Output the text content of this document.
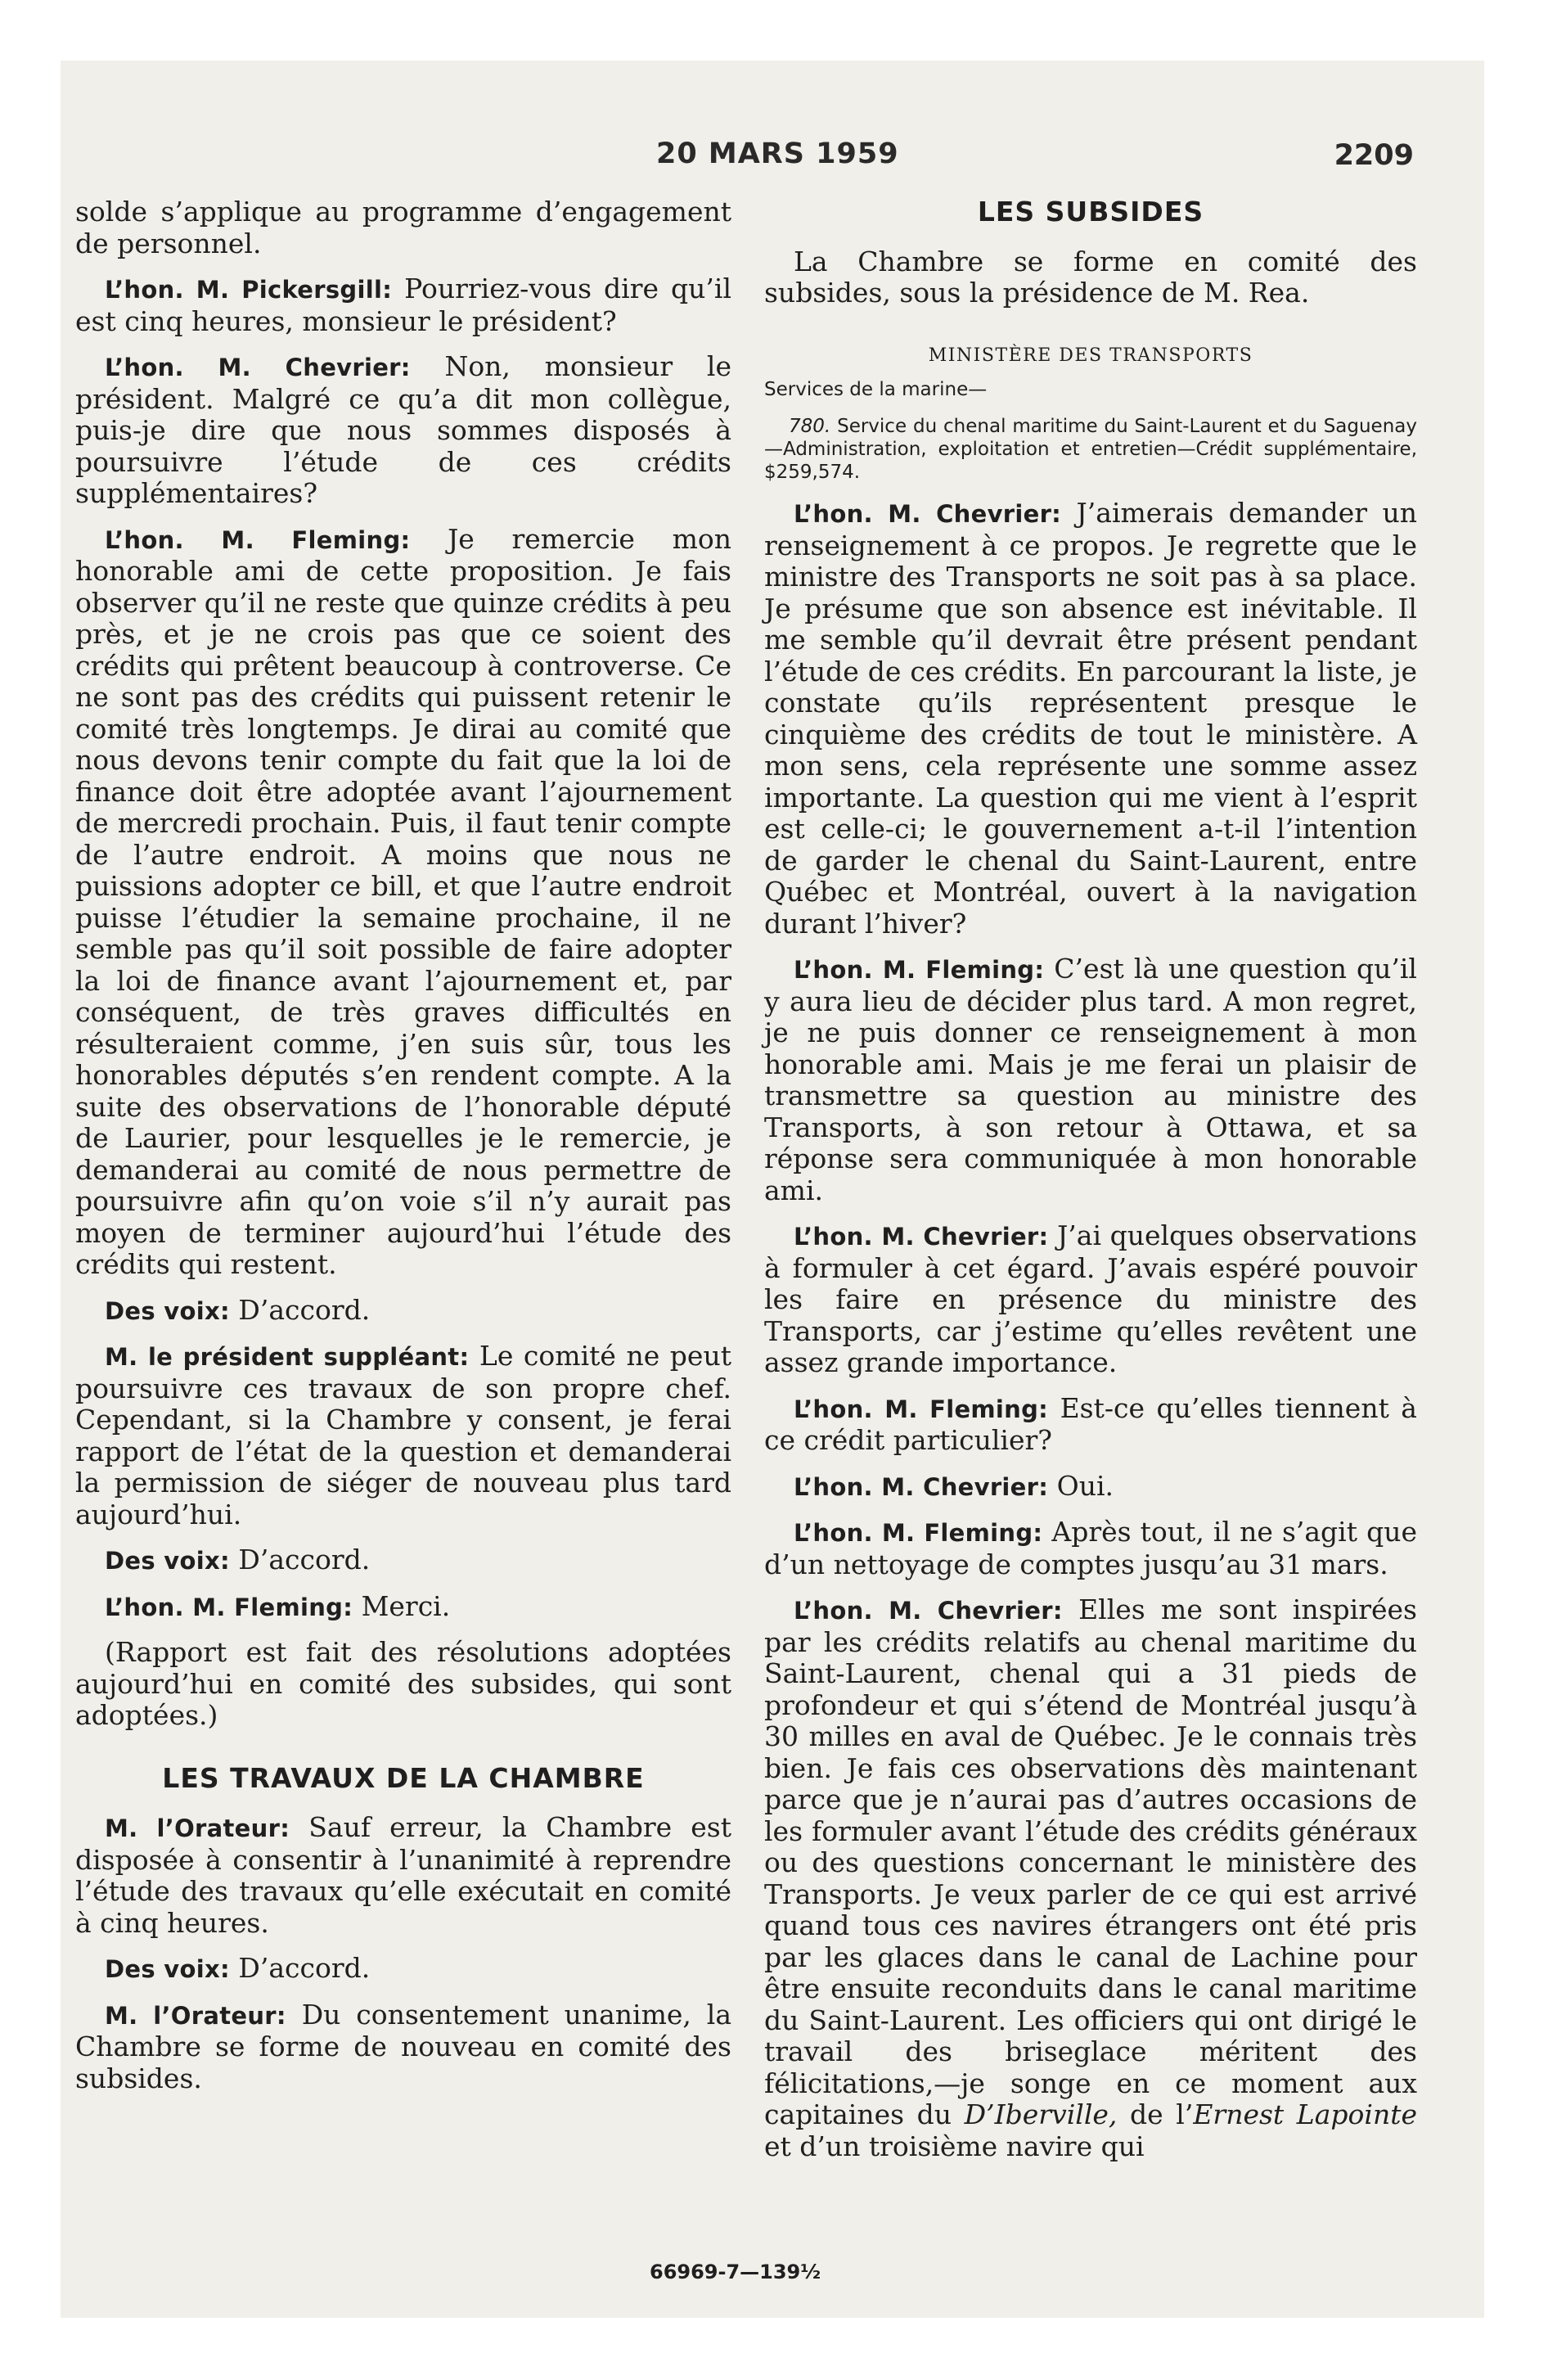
20 MARS 1959	2209

solde s’applique au programme d’engagement de personnel.

L’hon. M. Pickersgill: Pourriez-vous dire qu’il est cinq heures, monsieur le président?

L’hon. M. Chevrier: Non, monsieur le président. Malgré ce qu’a dit mon collègue, puis-je dire que nous sommes disposés à poursuivre l’étude de ces crédits supplémentaires?

L’hon. M. Fleming: Je remercie mon honorable ami de cette proposition. Je fais observer qu’il ne reste que quinze crédits à peu près, et je ne crois pas que ce soient des crédits qui prêtent beaucoup à controverse. Ce ne sont pas des crédits qui puissent retenir le comité très longtemps. Je dirai au comité que nous devons tenir compte du fait que la loi de finance doit être adoptée avant l’ajournement de mercredi prochain. Puis, il faut tenir compte de l’autre endroit. A moins que nous ne puissions adopter ce bill, et que l’autre endroit puisse l’étudier la semaine prochaine, il ne semble pas qu’il soit possible de faire adopter la loi de finance avant l’ajournement et, par conséquent, de très graves difficultés en résulteraient comme, j’en suis sûr, tous les honorables députés s’en rendent compte. A la suite des observations de l’honorable député de Laurier, pour lesquelles je le remercie, je demanderai au comité de nous permettre de poursuivre afin qu’on voie s’il n’y aurait pas moyen de terminer aujourd’hui l’étude des crédits qui restent.

Des voix: D’accord.

M. le président suppléant: Le comité ne peut poursuivre ces travaux de son propre chef. Cependant, si la Chambre y consent, je ferai rapport de l’état de la question et demanderai la permission de siéger de nouveau plus tard aujourd’hui.

Des voix: D’accord.

L’hon. M. Fleming: Merci.

(Rapport est fait des résolutions adoptées aujourd’hui en comité des subsides, qui sont adoptées.)

LES TRAVAUX DE LA CHAMBRE

M. l’Orateur: Sauf erreur, la Chambre est disposée à consentir à l’unanimité à reprendre l’étude des travaux qu’elle exécutait en comité à cinq heures.

Des voix: D’accord.

M. l’Orateur: Du consentement unanime, la Chambre se forme de nouveau en comité des subsides.

LES SUBSIDES

La Chambre se forme en comité des subsides, sous la présidence de M. Rea.

MINISTÈRE DES TRANSPORTS

Services de la marine—

780. Service du chenal maritime du Saint-Laurent et du Saguenay—Administration, exploitation et entretien—Crédit supplémentaire, $259,574.

L’hon. M. Chevrier: J’aimerais demander un renseignement à ce propos. Je regrette que le ministre des Transports ne soit pas à sa place. Je présume que son absence est inévitable. Il me semble qu’il devrait être présent pendant l’étude de ces crédits. En parcourant la liste, je constate qu’ils représentent presque le cinquième des crédits de tout le ministère. A mon sens, cela représente une somme assez importante. La question qui me vient à l’esprit est celle-ci; le gouvernement a-t-il l’intention de garder le chenal du Saint-Laurent, entre Québec et Montréal, ouvert à la navigation durant l’hiver?

L’hon. M. Fleming: C’est là une question qu’il y aura lieu de décider plus tard. A mon regret, je ne puis donner ce renseignement à mon honorable ami. Mais je me ferai un plaisir de transmettre sa question au ministre des Transports, à son retour à Ottawa, et sa réponse sera communiquée à mon honorable ami.

L’hon. M. Chevrier: J’ai quelques observations à formuler à cet égard. J’avais espéré pouvoir les faire en présence du ministre des Transports, car j’estime qu’elles revêtent une assez grande importance.

L’hon. M. Fleming: Est-ce qu’elles tiennent à ce crédit particulier?

L’hon. M. Chevrier: Oui.

L’hon. M. Fleming: Après tout, il ne s’agit que d’un nettoyage de comptes jusqu’au 31 mars.

L’hon. M. Chevrier: Elles me sont inspirées par les crédits relatifs au chenal maritime du Saint-Laurent, chenal qui a 31 pieds de profondeur et qui s’étend de Montréal jusqu’à 30 milles en aval de Québec. Je le connais très bien. Je fais ces observations dès maintenant parce que je n’aurai pas d’autres occasions de les formuler avant l’étude des crédits généraux ou des questions concernant le ministère des Transports. Je veux parler de ce qui est arrivé quand tous ces navires étrangers ont été pris par les glaces dans le canal de Lachine pour être ensuite reconduits dans le canal maritime du Saint-Laurent. Les officiers qui ont dirigé le travail des briseglace méritent des félicitations,—je songe en ce moment aux capitaines du D’Iberville, de l’Ernest Lapointe et d’un troisième navire qui

66969-7—139½
